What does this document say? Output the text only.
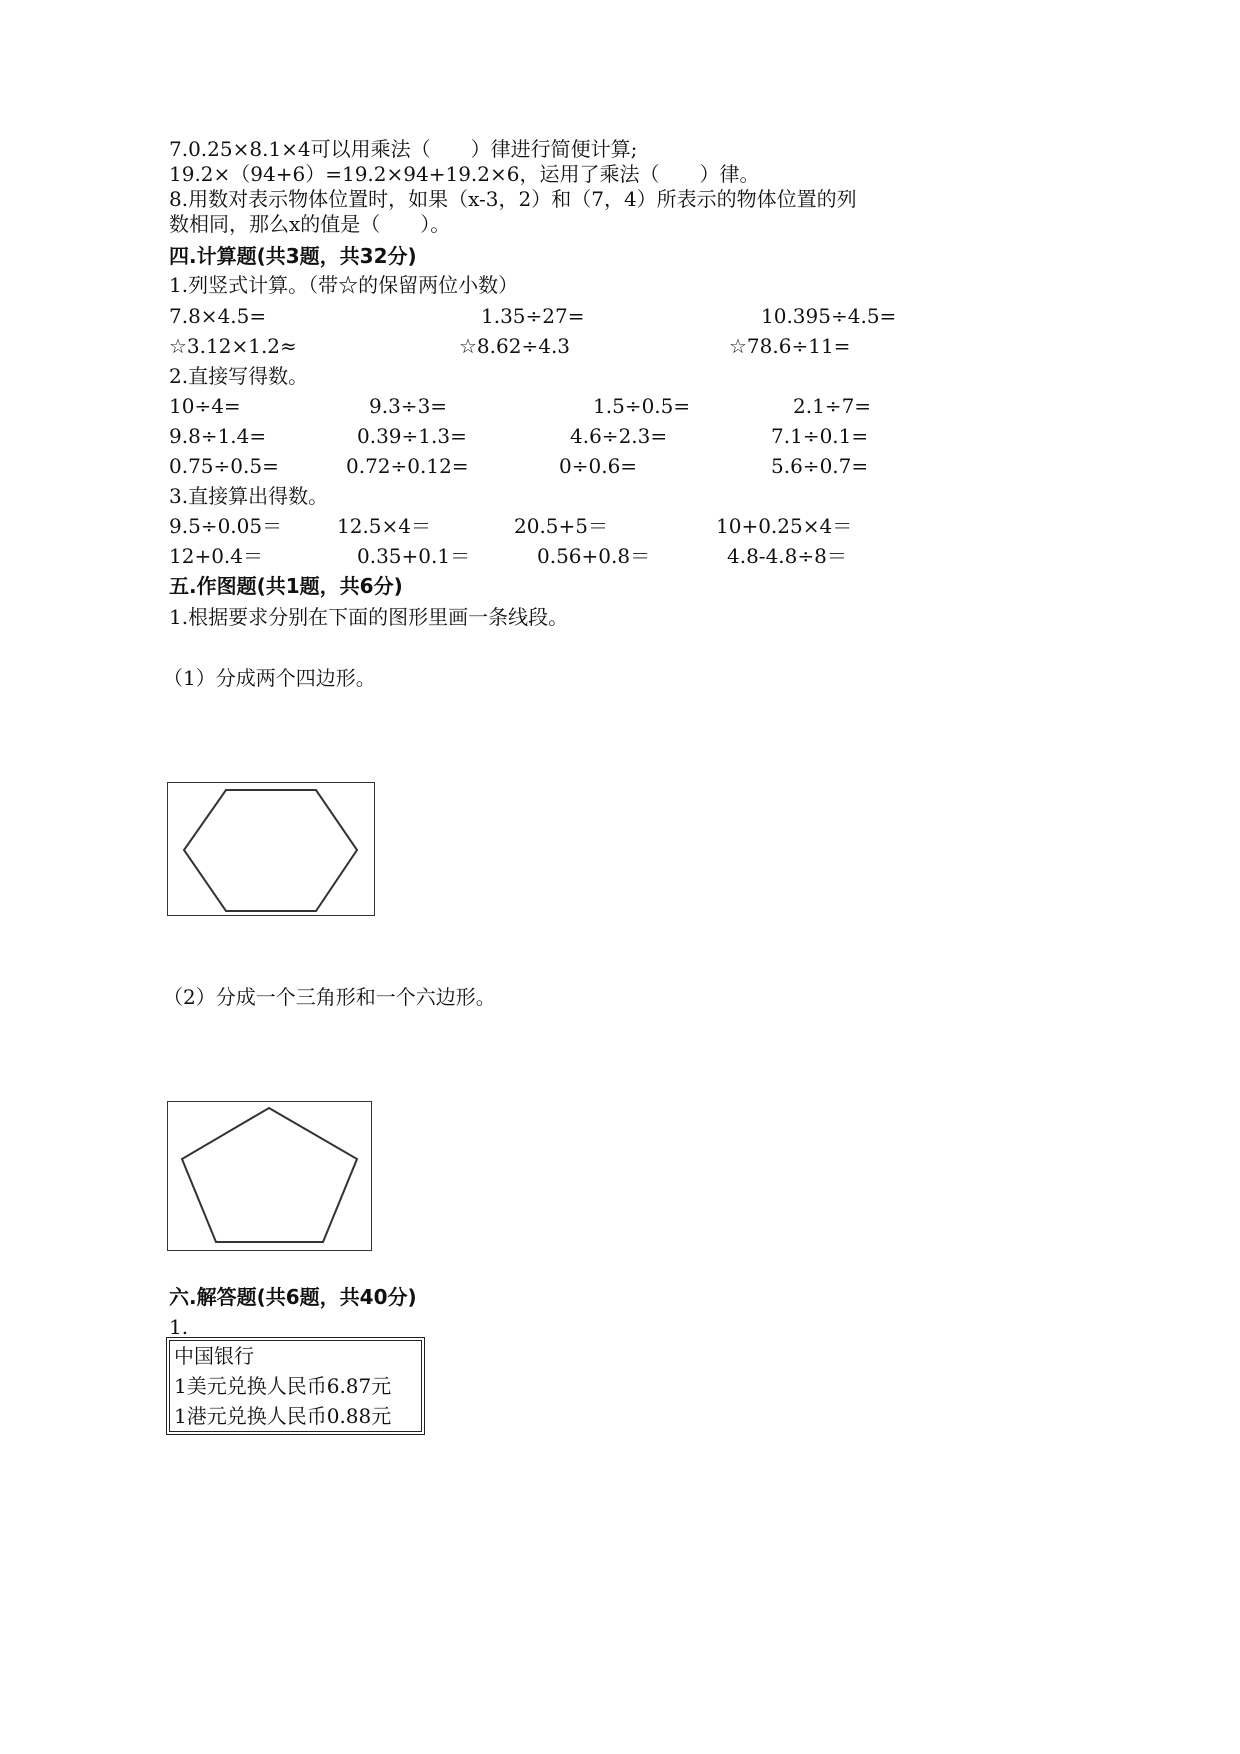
7.0.25×8.1×4可以用乘法（　　）律进行简便计算;
19.2×（94+6）=19.2×94+19.2×6，运用了乘法（　　）律。
8.用数对表示物体位置时，如果（x-3，2）和（7，4）所表示的物体位置的列
数相同，那么x的值是（　　）。
四.计算题(共3题，共32分)
1.列竖式计算。（带☆的保留两位小数）
7.8×4.5=	1.35÷27=	10.395÷4.5=
☆3.12×1.2≈	☆8.62÷4.3	☆78.6÷11=
2.直接写得数。
10÷4=	9.3÷3=	1.5÷0.5=	2.1÷7=
9.8÷1.4=	0.39÷1.3=	4.6÷2.3=	7.1÷0.1=
0.75÷0.5=	0.72÷0.12=	0÷0.6=	5.6÷0.7=
3.直接算出得数。
9.5÷0.05＝	12.5×4＝	20.5+5＝	10+0.25×4＝
12+0.4＝	0.35+0.1＝	0.56+0.8＝	4.8-4.8÷8＝
五.作图题(共1题，共6分)
1.根据要求分别在下面的图形里画一条线段。
（1）分成两个四边形。
（2）分成一个三角形和一个六边形。
六.解答题(共6题，共40分)
1.
中国银行
1美元兑换人民币6.87元
1港元兑换人民币0.88元
